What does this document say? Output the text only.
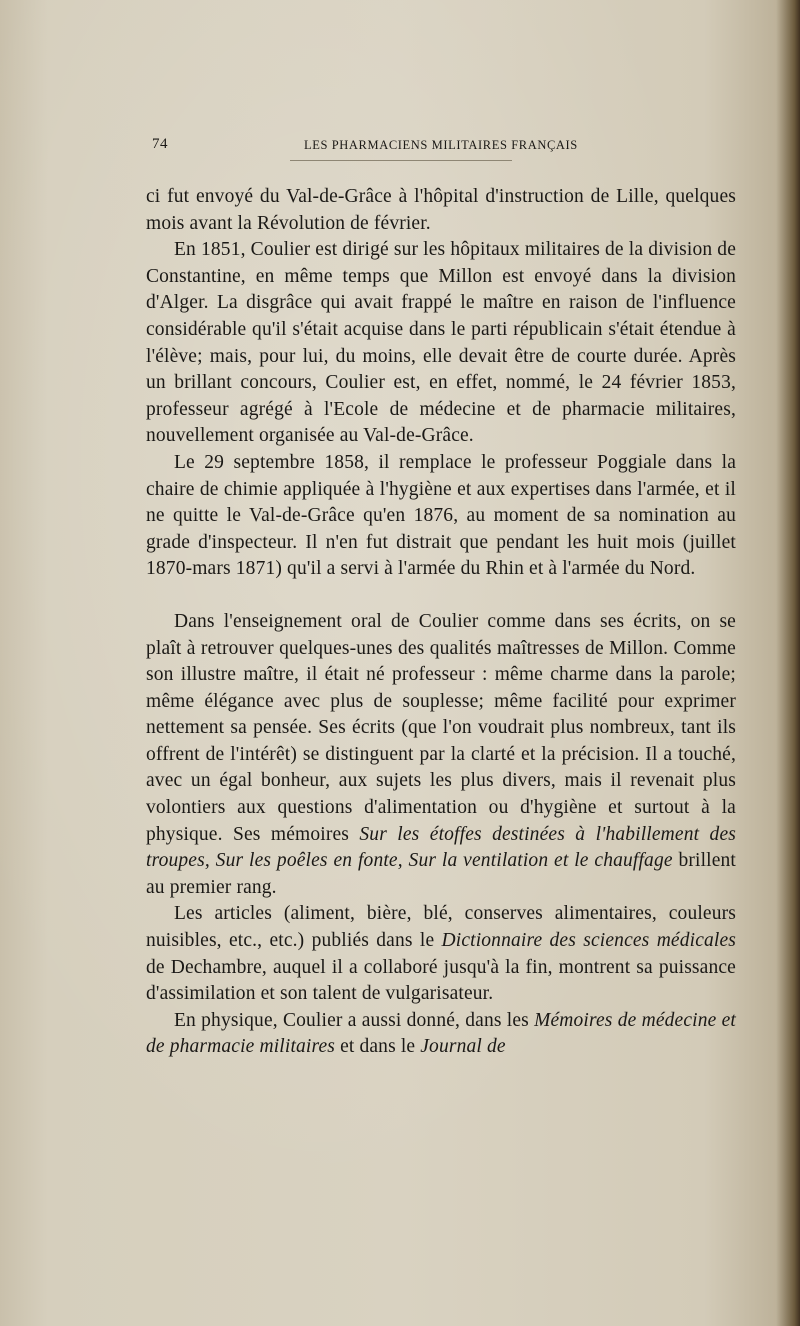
74	LES PHARMACIENS MILITAIRES FRANÇAIS

ci fut envoyé du Val-de-Grâce à l'hôpital d'instruction de Lille, quelques mois avant la Révolution de février.

En 1851, Coulier est dirigé sur les hôpitaux militaires de la division de Constantine, en même temps que Millon est envoyé dans la division d'Alger. La disgrâce qui avait frappé le maître en raison de l'influence considérable qu'il s'était acquise dans le parti républicain s'était étendue à l'élève; mais, pour lui, du moins, elle devait être de courte durée. Après un brillant concours, Coulier est, en effet, nommé, le 24 février 1853, professeur agrégé à l'Ecole de médecine et de pharmacie militaires, nouvellement organisée au Val-de-Grâce.

Le 29 septembre 1858, il remplace le professeur Poggiale dans la chaire de chimie appliquée à l'hygiène et aux expertises dans l'armée, et il ne quitte le Val-de-Grâce qu'en 1876, au moment de sa nomination au grade d'inspecteur. Il n'en fut distrait que pendant les huit mois (juillet 1870-mars 1871) qu'il a servi à l'armée du Rhin et à l'armée du Nord.

Dans l'enseignement oral de Coulier comme dans ses écrits, on se plaît à retrouver quelques-unes des qualités maîtresses de Millon. Comme son illustre maître, il était né professeur : même charme dans la parole; même élégance avec plus de souplesse; même facilité pour exprimer nettement sa pensée. Ses écrits (que l'on voudrait plus nombreux, tant ils offrent de l'intérêt) se distinguent par la clarté et la précision. Il a touché, avec un égal bonheur, aux sujets les plus divers, mais il revenait plus volontiers aux questions d'alimentation ou d'hygiène et surtout à la physique. Ses mémoires Sur les étoffes destinées à l'habillement des troupes, Sur les poêles en fonte, Sur la ventilation et le chauffage brillent au premier rang.

Les articles (aliment, bière, blé, conserves alimentaires, couleurs nuisibles, etc., etc.) publiés dans le Dictionnaire des sciences médicales de Dechambre, auquel il a collaboré jusqu'à la fin, montrent sa puissance d'assimilation et son talent de vulgarisateur.

En physique, Coulier a aussi donné, dans les Mémoires de médecine et de pharmacie militaires et dans le Journal de
